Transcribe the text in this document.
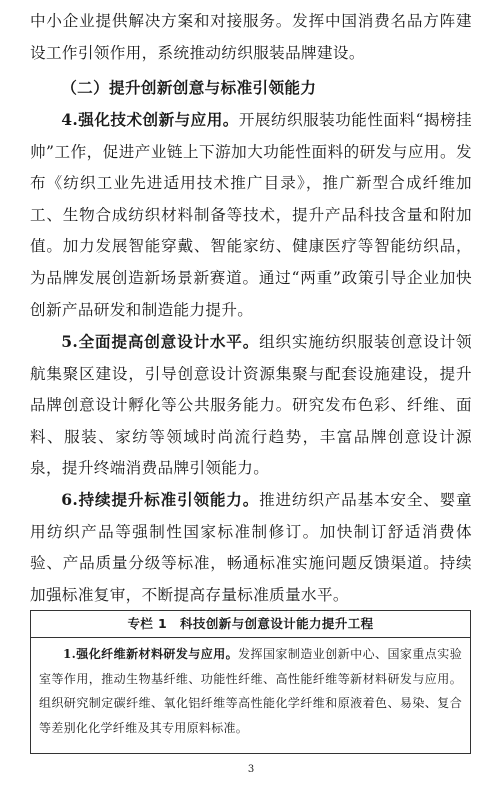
中小企业提供解决方案和对接服务。发挥中国消费名品方阵建设工作引领作用，系统推动纺织服装品牌建设。

（二）提升创新创意与标准引领能力

4.强化技术创新与应用。开展纺织服装功能性面料“揭榜挂帅”工作，促进产业链上下游加大功能性面料的研发与应用。发布《纺织工业先进适用技术推广目录》，推广新型合成纤维加工、生物合成纺织材料制备等技术，提升产品科技含量和附加值。加力发展智能穿戴、智能家纺、健康医疗等智能纺织品，为品牌发展创造新场景新赛道。通过“两重”政策引导企业加快创新产品研发和制造能力提升。

5.全面提高创意设计水平。组织实施纺织服装创意设计领航集聚区建设，引导创意设计资源集聚与配套设施建设，提升品牌创意设计孵化等公共服务能力。研究发布色彩、纤维、面料、服装、家纺等领域时尚流行趋势，丰富品牌创意设计源泉，提升终端消费品牌引领能力。

6.持续提升标准引领能力。推进纺织产品基本安全、婴童用纺织产品等强制性国家标准制修订。加快制订舒适消费体验、产品质量分级等标准，畅通标准实施问题反馈渠道。持续加强标准复审，不断提高存量标准质量水平。

专栏 1　科技创新与创意设计能力提升工程
1.强化纤维新材料研发与应用。发挥国家制造业创新中心、国家重点实验室等作用，推动生物基纤维、功能性纤维、高性能纤维等新材料研发与应用。组织研究制定碳纤维、氧化铝纤维等高性能化学纤维和原液着色、易染、复合等差别化化学纤维及其专用原料标准。
3
